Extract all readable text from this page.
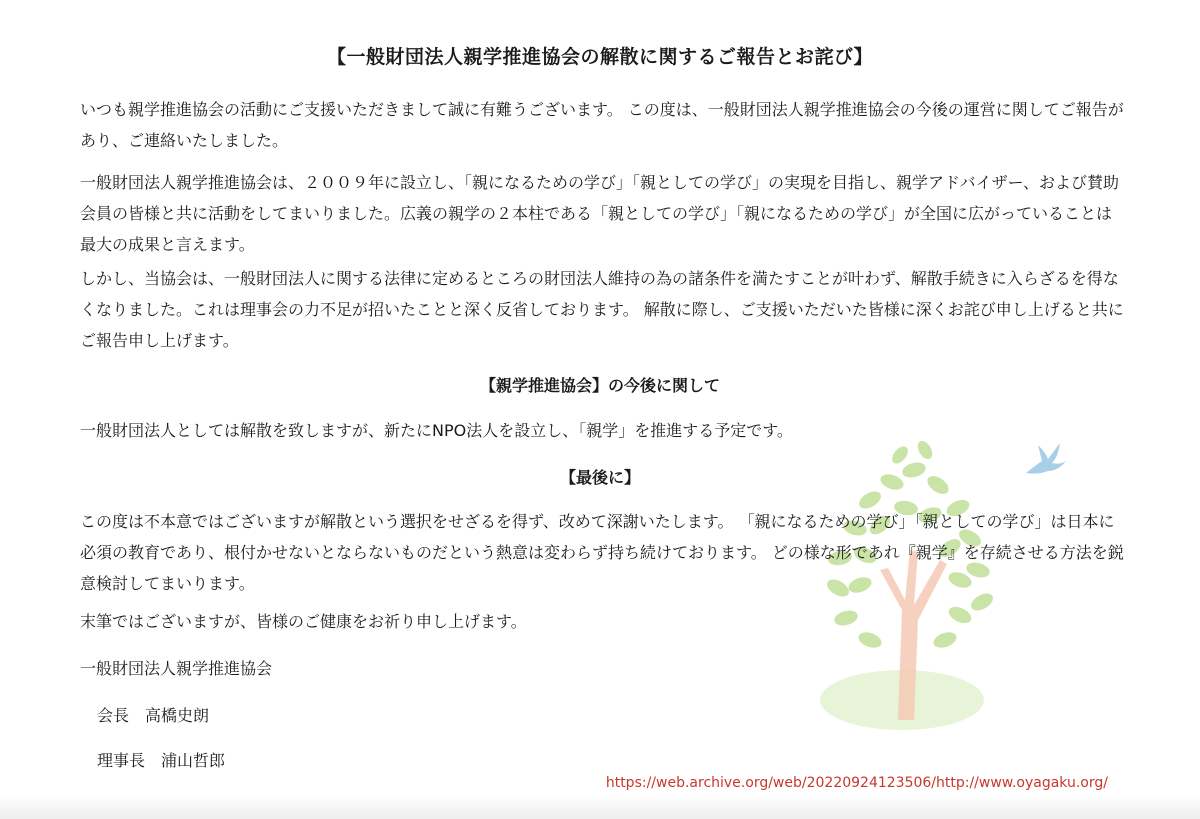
【一般財団法人親学推進協会の解散に関するご報告とお詫び】

いつも親学推進協会の活動にご支援いただきまして誠に有難うございます。 この度は、一般財団法人親学推進協会の今後の運営に関してご報告があり、ご連絡いたしました。

一般財団法人親学推進協会は、２００９年に設立し、「親になるための学び」「親としての学び」の実現を目指し、親学アドバイザー、および賛助会員の皆様と共に活動をしてまいりました。広義の親学の２本柱である「親としての学び」「親になるための学び」が全国に広がっていることは最大の成果と言えます。

しかし、当協会は、一般財団法人に関する法律に定めるところの財団法人維持の為の諸条件を満たすことが叶わず、解散手続きに入らざるを得なくなりました。これは理事会の力不足が招いたことと深く反省しております。 解散に際し、ご支援いただいた皆様に深くお詫び申し上げると共にご報告申し上げます。

【親学推進協会】の今後に関して

一般財団法人としては解散を致しますが、新たにNPO法人を設立し、「親学」を推進する予定です。

【最後に】

この度は不本意ではございますが解散という選択をせざるを得ず、改めて深謝いたします。 「親になるための学び」「親としての学び」は日本に必須の教育であり、根付かせないとならないものだという熱意は変わらず持ち続けております。 どの様な形であれ『親学』を存続させる方法を鋭意検討してまいります。

末筆ではございますが、皆様のご健康をお祈り申し上げます。

一般財団法人親学推進協会
会長　高橋史朗
理事長　浦山哲郎
https://web.archive.org/web/20220924123506/http://www.oyagaku.org/
